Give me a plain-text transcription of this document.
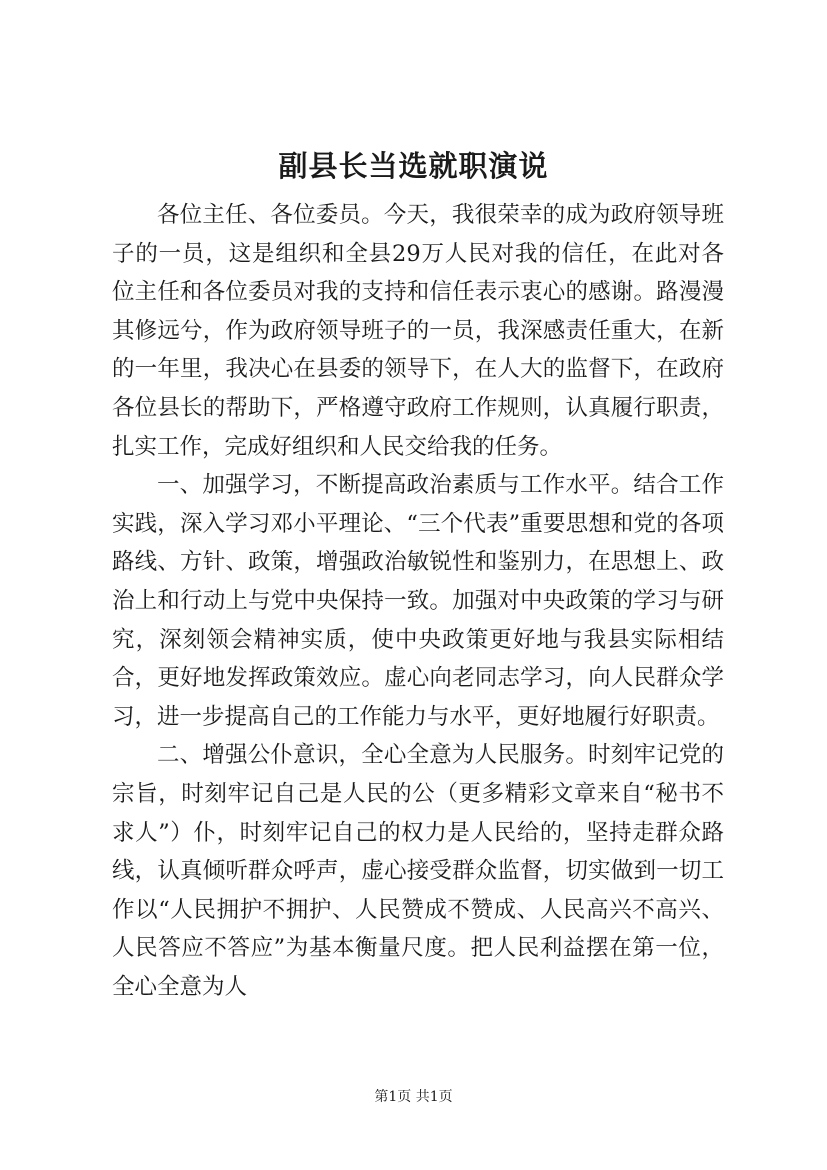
副县长当选就职演说

各位主任、各位委员。今天，我很荣幸的成为政府领导班子的一员，这是组织和全县29万人民对我的信任，在此对各位主任和各位委员对我的支持和信任表示衷心的感谢。路漫漫其修远兮，作为政府领导班子的一员，我深感责任重大，在新的一年里，我决心在县委的领导下，在人大的监督下，在政府各位县长的帮助下，严格遵守政府工作规则，认真履行职责，扎实工作，完成好组织和人民交给我的任务。

一、加强学习，不断提高政治素质与工作水平。结合工作实践，深入学习邓小平理论、“三个代表”重要思想和党的各项路线、方针、政策，增强政治敏锐性和鉴别力，在思想上、政治上和行动上与党中央保持一致。加强对中央政策的学习与研究，深刻领会精神实质，使中央政策更好地与我县实际相结合，更好地发挥政策效应。虚心向老同志学习，向人民群众学习，进一步提高自己的工作能力与水平，更好地履行好职责。

二、增强公仆意识，全心全意为人民服务。时刻牢记党的宗旨，时刻牢记自己是人民的公（更多精彩文章来自“秘书不求人”）仆，时刻牢记自己的权力是人民给的，坚持走群众路线，认真倾听群众呼声，虚心接受群众监督，切实做到一切工作以“人民拥护不拥护、人民赞成不赞成、人民高兴不高兴、人民答应不答应”为基本衡量尺度。把人民利益摆在第一位，全心全意为人

第1页 共1页
